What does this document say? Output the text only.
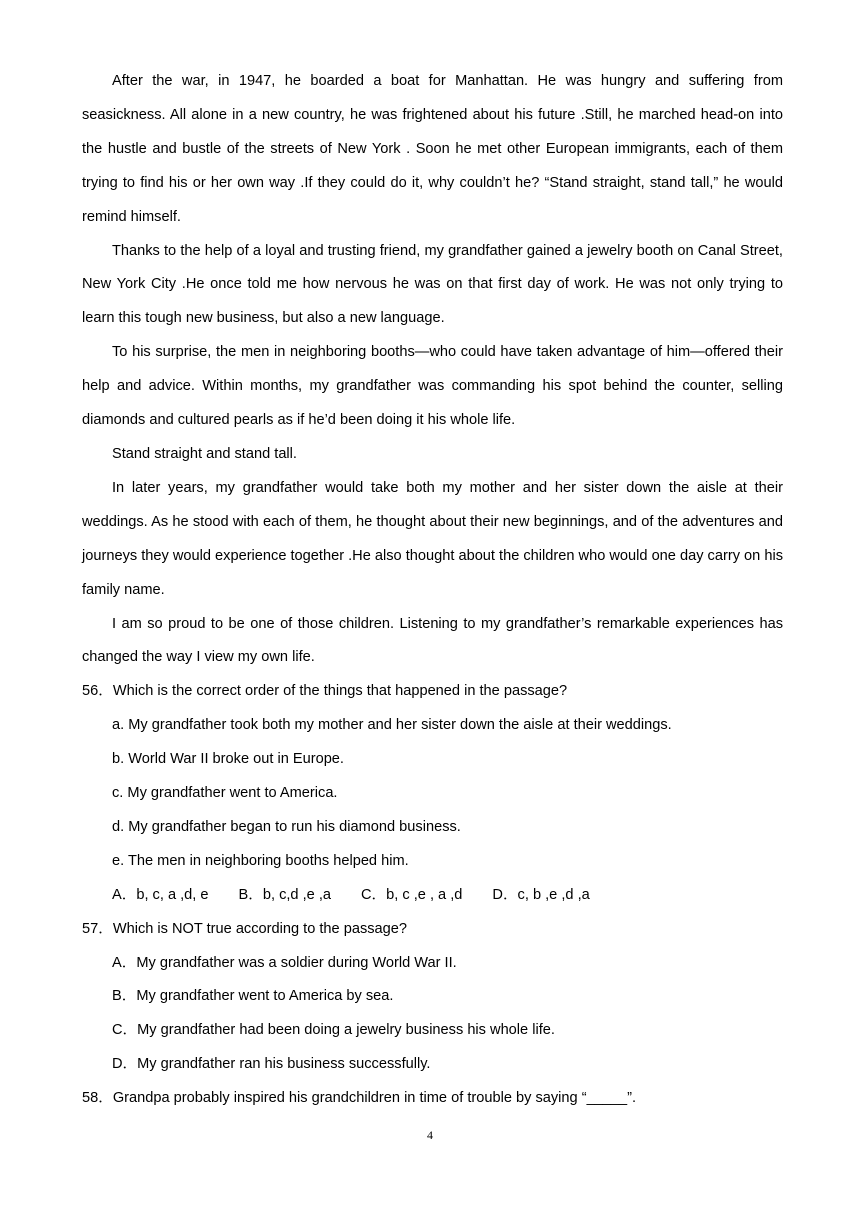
After the war, in 1947, he boarded a boat for Manhattan. He was hungry and suffering from seasickness. All alone in a new country, he was frightened about his future .Still, he marched head-on into the hustle and bustle of the streets of New York . Soon he met other European immigrants, each of them trying to find his or her own way .If they could do it, why couldn’t he? “Stand straight, stand tall,” he would remind himself.

Thanks to the help of a loyal and trusting friend, my grandfather gained a jewelry booth on Canal Street, New York City .He once told me how nervous he was on that first day of work. He was not only trying to learn this tough new business, but also a new language.

To his surprise, the men in neighboring booths—who could have taken advantage of him—offered their help and advice. Within months, my grandfather was commanding his spot behind the counter, selling diamonds and cultured pearls as if he’d been doing it his whole life.

Stand straight and stand tall.

In later years, my grandfather would take both my mother and her sister down the aisle at their weddings. As he stood with each of them, he thought about their new beginnings, and of the adventures and journeys they would experience together .He also thought about the children who would one day carry on his family name.

I am so proud to be one of those children. Listening to my grandfather’s remarkable experiences has changed the way I view my own life.

56．Which is the correct order of the things that happened in the passage?

a. My grandfather took both my mother and her sister down the aisle at their weddings.

b. World War II broke out in Europe.

c. My grandfather went to America.

d. My grandfather began to run his diamond business.

e. The men in neighboring booths helped him.

A．b, c, a ,d, e B．b, c,d ,e ,a C．b, c ,e , a ,d D．c, b ,e ,d ,a

57．Which is NOT true according to the passage?

A．My grandfather was a soldier during World War II.

B．My grandfather went to America by sea.

C．My grandfather had been doing a jewelry business his whole life.

D．My grandfather ran his business successfully.

58．Grandpa probably inspired his grandchildren in time of trouble by saying “_____”.

4
